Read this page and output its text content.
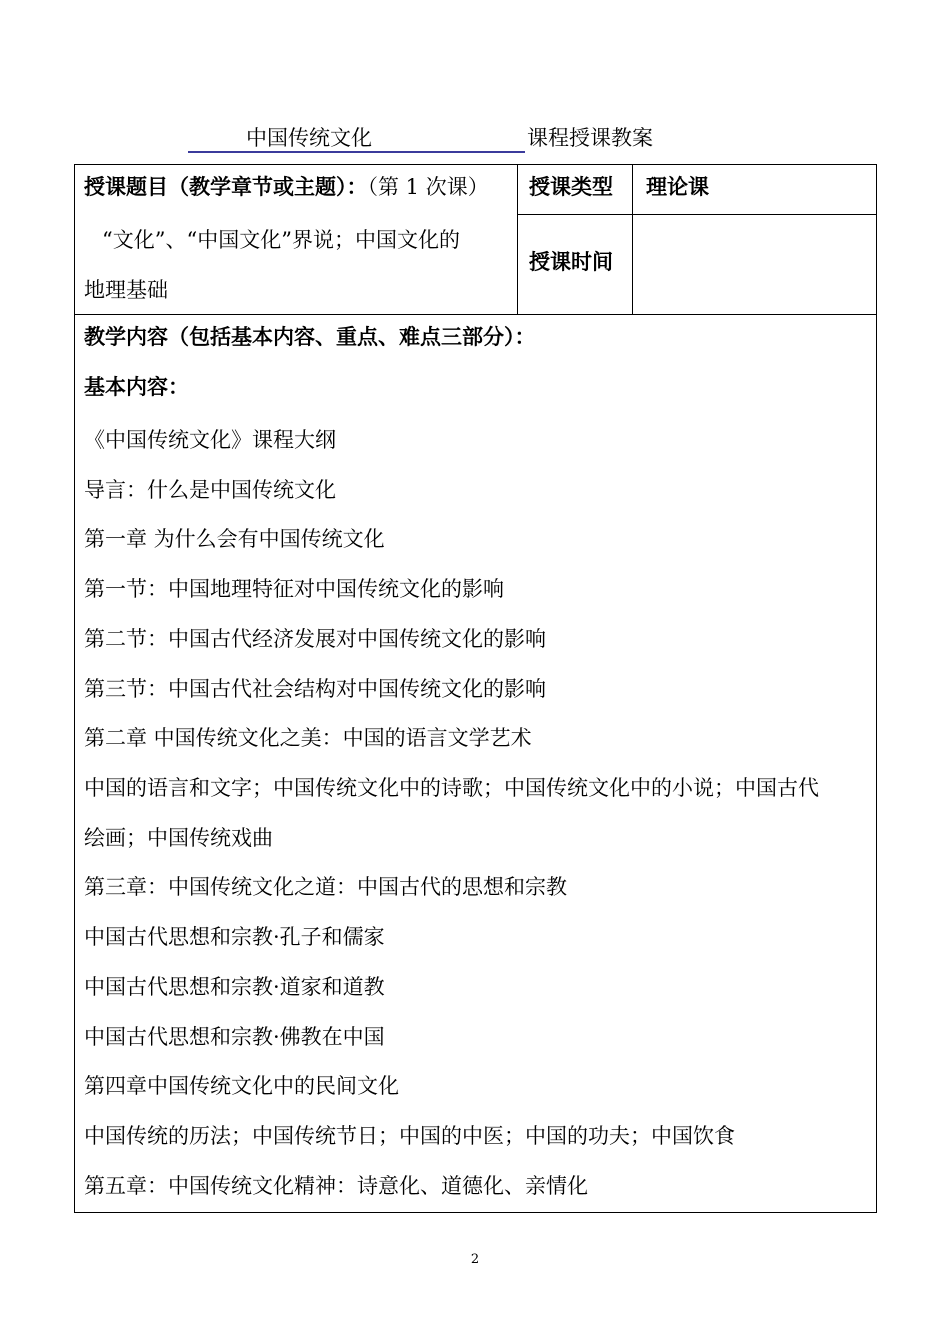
中国传统文化	课程授课教案
授课题目（教学章节或主题）：（第 1 次课）
“文化”、“中国文化”界说；中国文化的
地理基础
授课类型 理论课
授课时间
教学内容（包括基本内容、重点、难点三部分）：
基本内容：
《中国传统文化》课程大纲
导言：什么是中国传统文化
第一章 为什么会有中国传统文化
第一节：中国地理特征对中国传统文化的影响
第二节：中国古代经济发展对中国传统文化的影响
第三节：中国古代社会结构对中国传统文化的影响
第二章 中国传统文化之美：中国的语言文学艺术
中国的语言和文字；中国传统文化中的诗歌；中国传统文化中的小说；中国古代
绘画；中国传统戏曲
第三章：中国传统文化之道：中国古代的思想和宗教
中国古代思想和宗教·孔子和儒家
中国古代思想和宗教·道家和道教
中国古代思想和宗教·佛教在中国
第四章中国传统文化中的民间文化
中国传统的历法；中国传统节日；中国的中医；中国的功夫；中国饮食
第五章：中国传统文化精神：诗意化、道德化、亲情化
2
